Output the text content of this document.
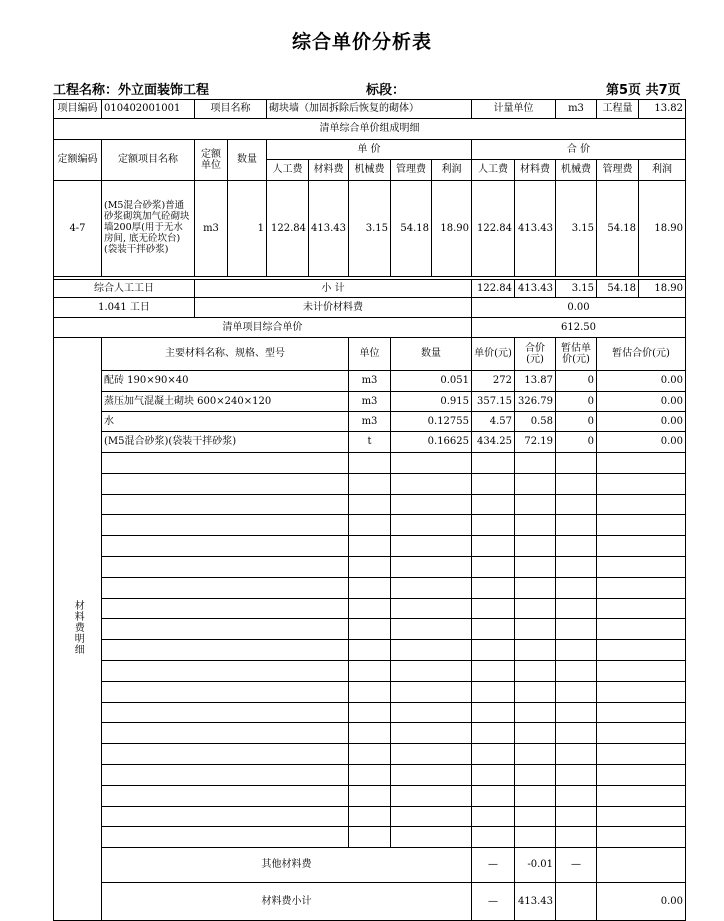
综合单价分析表
工程名称：外立面装饰工程	标段：	第5页 共7页
项目编码	010402001001	项目名称		砌块墙（加固拆除后恢复的砌体）					计量单位		m3	工程量	13.82
清单综合单价组成明细													
定额编码	定额项目名称	定额单位	数量	单 价					合 价				
				人工费	材料费	机械费	管理费	利润	人工费	材料费	机械费	管理费	利润
4-7	(M5混合砂浆)普通砂浆砌筑加气砼砌块墙200厚(用于无水房间, 底无砼坎台)(袋装干拌砂浆)	m3	1	122.84	413.43	3.15	54.18	18.90	122.84	413.43	3.15	54.18	18.90

综合人工工日		小 计							122.84	413.43	3.15	54.18	18.90
1.041 工日		未计价材料费							0.00				
清单项目综合单价									612.50				
材料费明细	主要材料名称、规格、型号					单位	数量		单价(元)	合价(元)	暂估单价(元)	暂估合价(元)	
	配砖 190×90×40					m3	0.051		272	13.87	0	0.00	
	蒸压加气混凝土砌块 600×240×120					m3	0.915		357.15	326.79	0	0.00	
	水					m3	0.12755		4.57	0.58	0	0.00	
	(M5混合砂浆)(袋装干拌砂浆)					t	0.16625		434.25	72.19	0	0.00	

	其他材料费								—	-0.01	—		
	材料费小计								—	413.43		0.00	
